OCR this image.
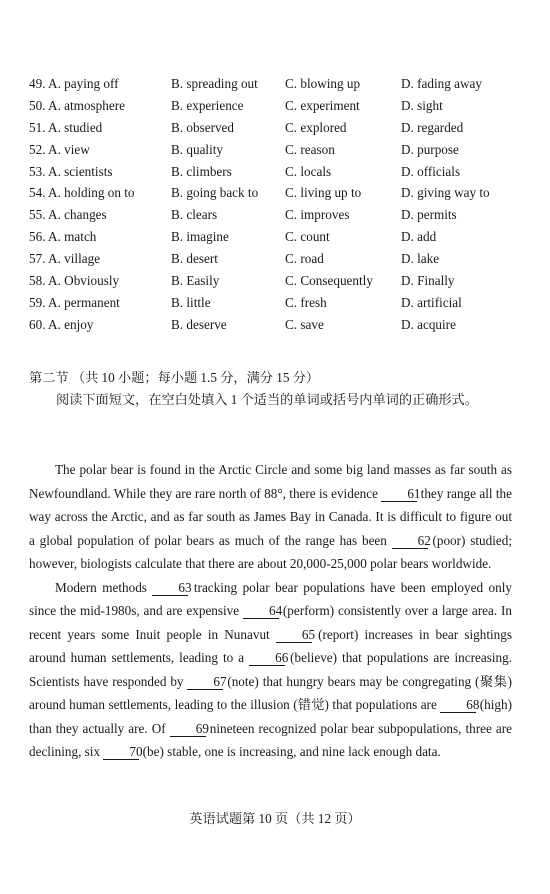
49. A. paying off	B. spreading out C. blowing up	D. fading away
50. A. atmosphere	B. experience	C. experiment	D. sight
51. A. studied	B. observed	C. explored	D. regarded
52. A. view	B. quality	C. reason	D. purpose
53. A. scientists	B. climbers	C. locals	D. officials
54. A. holding on to	B. going back to C. living up to	D. giving way to
55. A. changes	B. clears	C. improves	D. permits
56. A. match	B. imagine	C. count	D. add
57. A. village	B. desert	C. road	D. lake
58. A. Obviously	B. Easily	C. Consequently D. Finally
59. A. permanent	B. little	C. fresh	D. artificial
60. A. enjoy	B. deserve	C. save	D. acquire
第二节 （共 10 小题；每小题 1.5 分，满分 15 分）
阅读下面短文，在空白处填入 1 个适当的单词或括号内单词的正确形式。

The polar bear is found in the Arctic Circle and some big land masses as far south as Newfoundland. While they are rare north of 88°, there is evidence 61 they range all the way across the Arctic, and as far south as James Bay in Canada. It is difficult to figure out a global population of polar bears as much of the range has been 62 (poor) studied; however, biologists calculate that there are about 20,000-25,000 polar bears worldwide.

Modern methods 63 tracking polar bear populations have been employed only since the mid-1980s, and are expensive 64 (perform) consistently over a large area. In recent years some Inuit people in Nunavut 65 (report) increases in bear sightings around human settlements, leading to a 66 (believe) that populations are increasing. Scientists have responded by 67 (note) that hungry bears may be congregating (聚集) around human settlements, leading to the illusion (错觉) that populations are 68 (high) than they actually are. Of 69 nineteen recognized polar bear subpopulations, three are declining, six 70 (be) stable, one is increasing, and nine lack enough data.

英语试题第 10 页（共 12 页）
